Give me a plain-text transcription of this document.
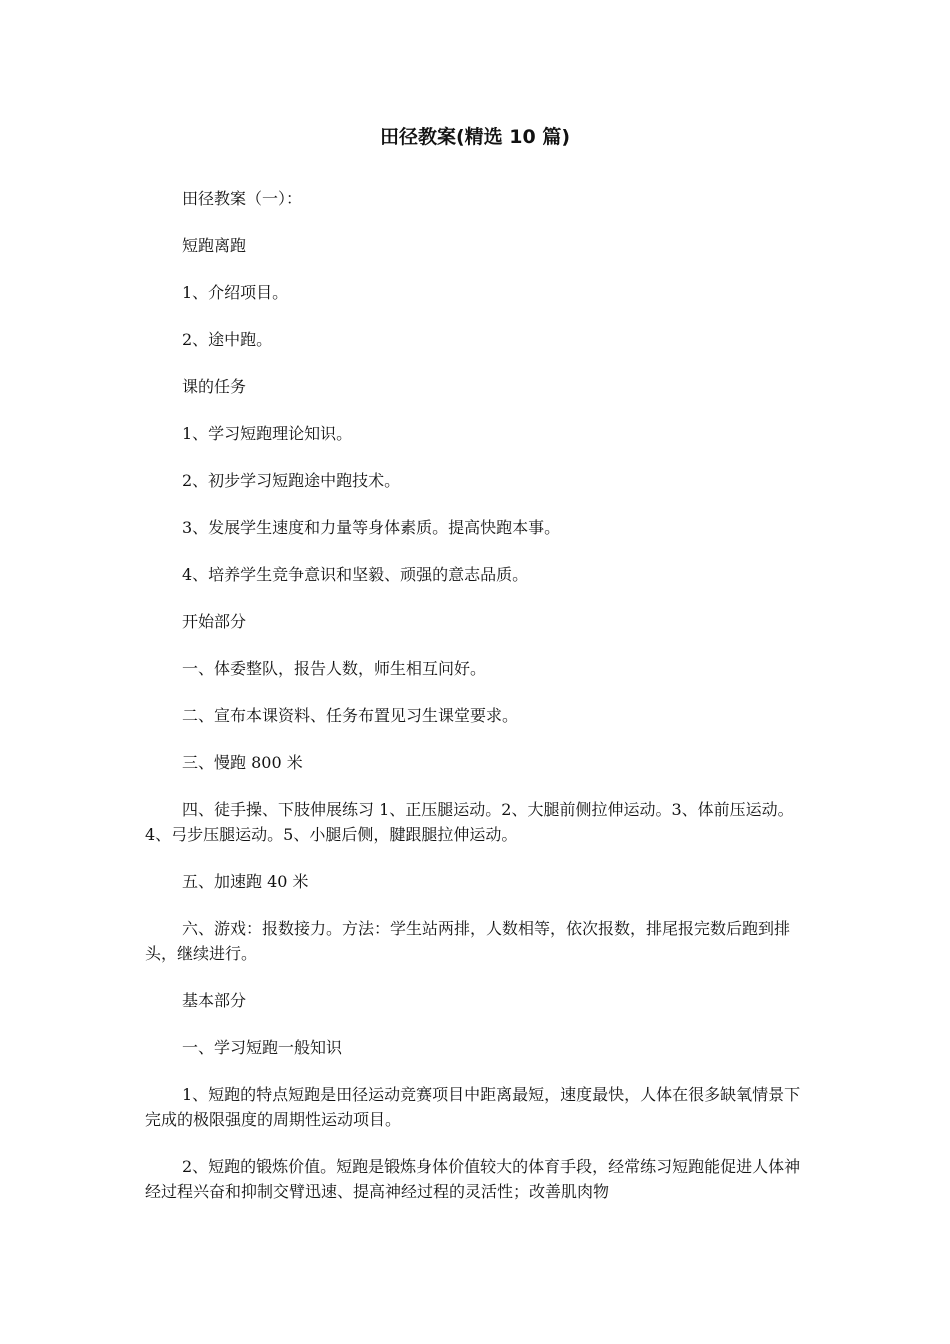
田径教案(精选 10 篇)

田径教案（一）：

短跑离跑

1、介绍项目。

2、途中跑。

课的任务

1、学习短跑理论知识。

2、初步学习短跑途中跑技术。

3、发展学生速度和力量等身体素质。提高快跑本事。

4、培养学生竞争意识和坚毅、顽强的意志品质。

开始部分

一、体委整队，报告人数，师生相互问好。

二、宣布本课资料、任务布置见习生课堂要求。

三、慢跑 800 米

四、徒手操、下肢伸展练习 1、正压腿运动。2、大腿前侧拉伸运动。3、体前压运动。4、弓步压腿运动。5、小腿后侧，腱跟腿拉伸运动。

五、加速跑 40 米

六、游戏：报数接力。方法：学生站两排，人数相等，依次报数，排尾报完数后跑到排头，继续进行。

基本部分

一、学习短跑一般知识

1、短跑的特点短跑是田径运动竞赛项目中距离最短，速度最快，人体在很多缺氧情景下完成的极限强度的周期性运动项目。

2、短跑的锻炼价值。短跑是锻炼身体价值较大的体育手段，经常练习短跑能促进人体神经过程兴奋和抑制交臂迅速、提高神经过程的灵活性；改善肌肉物
